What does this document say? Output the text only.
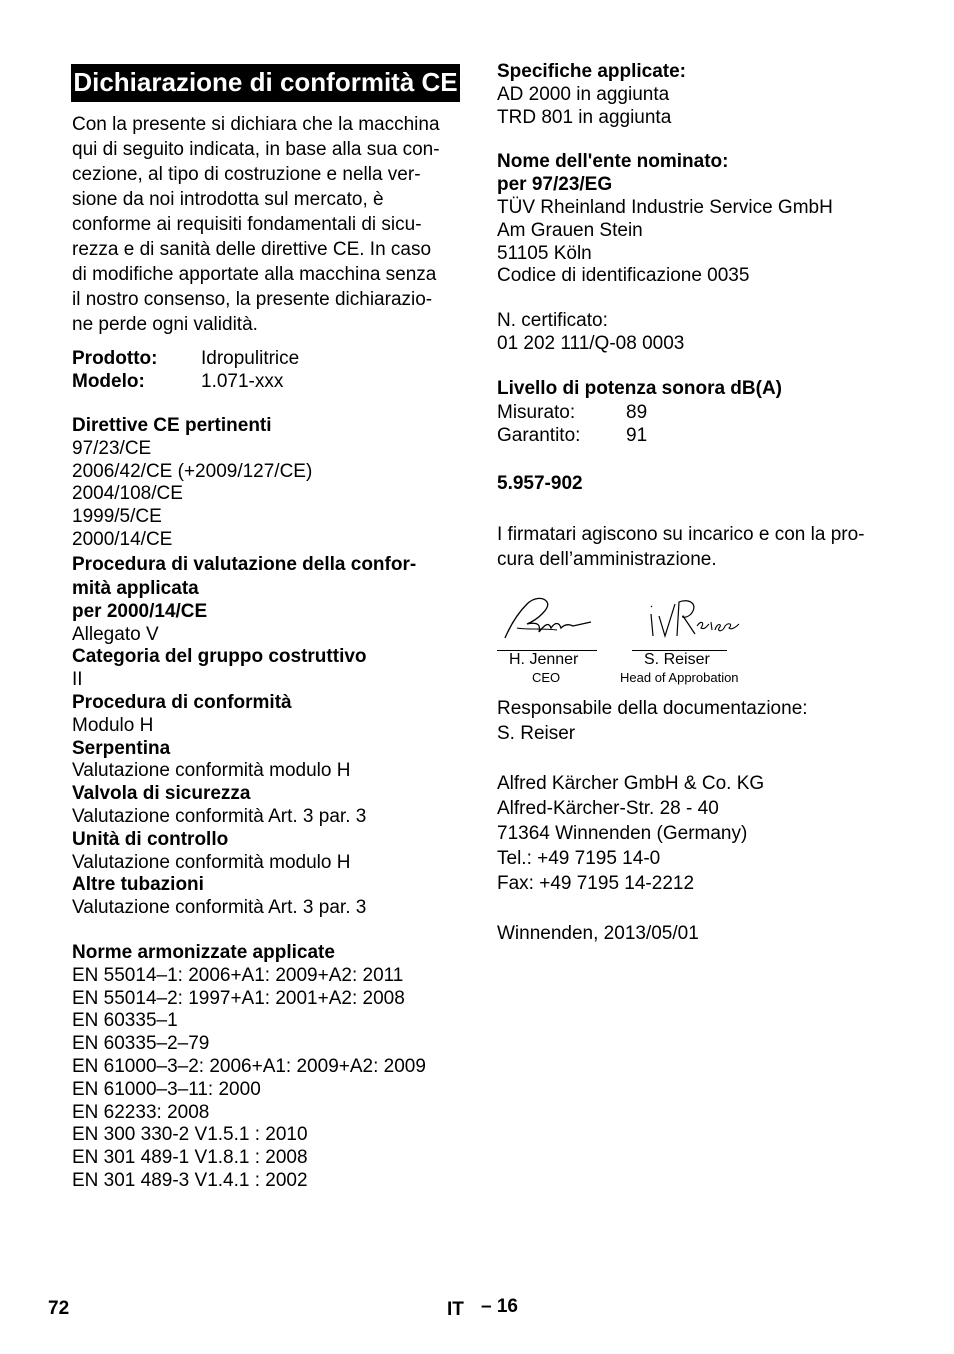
Dichiarazione di conformità CE
Con la presente si dichiara che la macchina
qui di seguito indicata, in base alla sua con-
cezione, al tipo di costruzione e nella ver-
sione da noi introdotta sul mercato, è
conforme ai requisiti fondamentali di sicu-
rezza e di sanità delle direttive CE. In caso
di modifiche apportate alla macchina senza
il nostro consenso, la presente dichiarazio-
ne perde ogni validità.
Prodotto:	Idropulitrice
Modelo:	1.071-xxx
Direttive CE pertinenti
97/23/CE
2006/42/CE (+2009/127/CE)
2004/108/CE
1999/5/CE
2000/14/CE
Procedura di valutazione della confor-
mità applicata
per 2000/14/CE
Allegato V
Categoria del gruppo costruttivo
II
Procedura di conformità
Modulo H
Serpentina
Valutazione conformità modulo H
Valvola di sicurezza
Valutazione conformità Art. 3 par. 3
Unità di controllo
Valutazione conformità modulo H
Altre tubazioni
Valutazione conformità Art. 3 par. 3
Norme armonizzate applicate
EN 55014–1: 2006+A1: 2009+A2: 2011
EN 55014–2: 1997+A1: 2001+A2: 2008
EN 60335–1
EN 60335–2–79
EN 61000–3–2: 2006+A1: 2009+A2: 2009
EN 61000–3–11: 2000
EN 62233: 2008
EN 300 330-2 V1.5.1 : 2010
EN 301 489-1 V1.8.1 : 2008
EN 301 489-3 V1.4.1 : 2002
Specifiche applicate:
AD 2000 in aggiunta
TRD 801 in aggiunta
Nome dell'ente nominato:
per 97/23/EG
TÜV Rheinland Industrie Service GmbH
Am Grauen Stein
51105 Köln
Codice di identificazione 0035
N. certificato:
01 202 111/Q-08 0003
Livello di potenza sonora dB(A)
Misurato:	89
Garantito:	91
5.957-902
I firmatari agiscono su incarico e con la pro-
cura dell’amministrazione.
H. Jenner
CEO
S. Reiser
Head of Approbation
Responsabile della documentazione:
S. Reiser
Alfred Kärcher GmbH & Co. KG
Alfred-Kärcher-Str. 28 - 40
71364 Winnenden (Germany)
Tel.: +49 7195 14-0
Fax: +49 7195 14-2212
Winnenden, 2013/05/01
72	IT – 16
